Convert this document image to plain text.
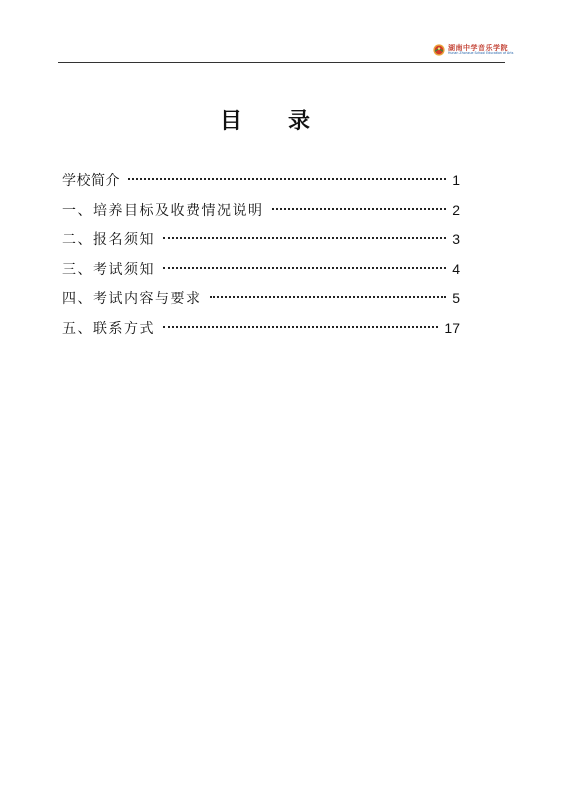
湖南中学音乐学院
Hunan Zhonxue School Education of Arts
目录
学校简介	1
一、培养目标及收费情况说明	2
二、报名须知	3
三、考试须知	4
四、考试内容与要求	5
五、联系方式	17
